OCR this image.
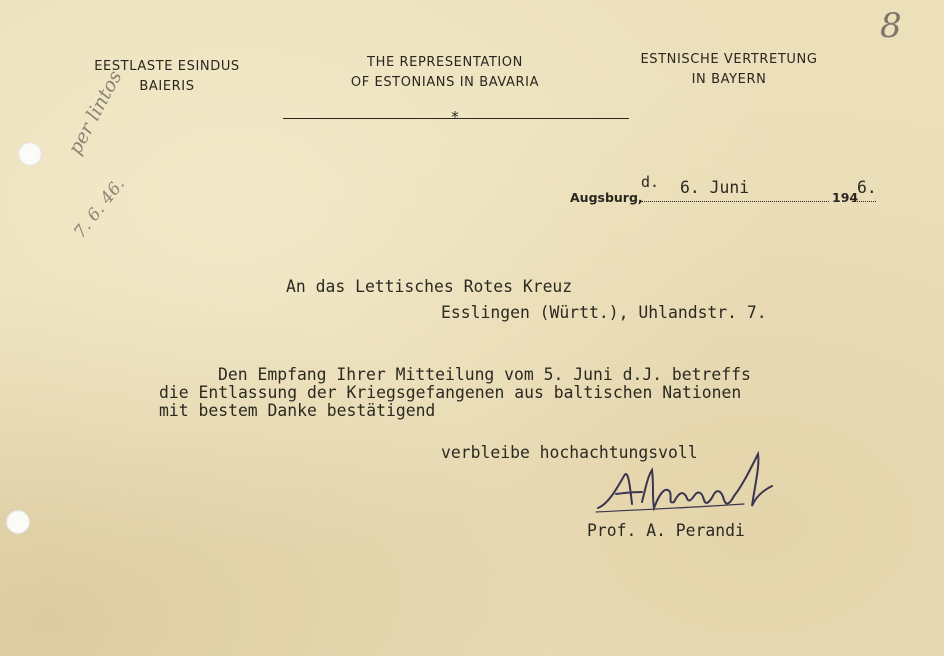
EESTLASTE ESINDUS
BAIERIS
THE REPRESENTATION
OF ESTONIANS IN BAVARIA
ESTNISCHE VERTRETUNG
IN BAYERN
*
Augsburg,
d. 6. Juni
194
6.
An das Lettisches Rotes Kreuz
Esslingen (Württ.), Uhlandstr. 7.
Den Empfang Ihrer Mitteilung vom 5. Juni d.J. betreffs
die Entlassung der Kriegsgefangenen aus baltischen Nationen
mit bestem Danke bestätigend
verbleibe hochachtungsvoll
Prof. A. Perandi
per lintos
7. 6. 46.
8
